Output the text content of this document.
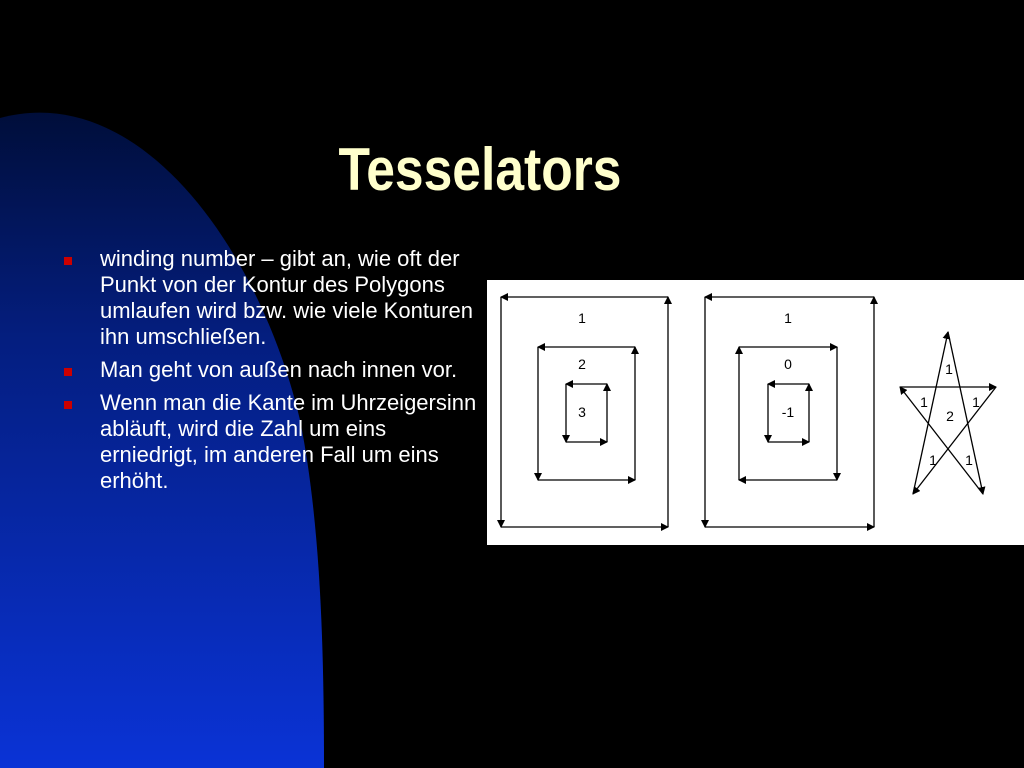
Tesselators
winding number – gibt an, wie oft der Punkt von der Kontur des Polygons umlaufen wird bzw. wie viele Konturen ihn umschließen.
Man geht von außen nach innen vor.
Wenn man die Kante im Uhrzeigersinn abläuft, wird die Zahl um eins erniedrigt, im anderen Fall um eins erhöht.
1
2
3
1
0
-1
1
1	1
2
1 1
